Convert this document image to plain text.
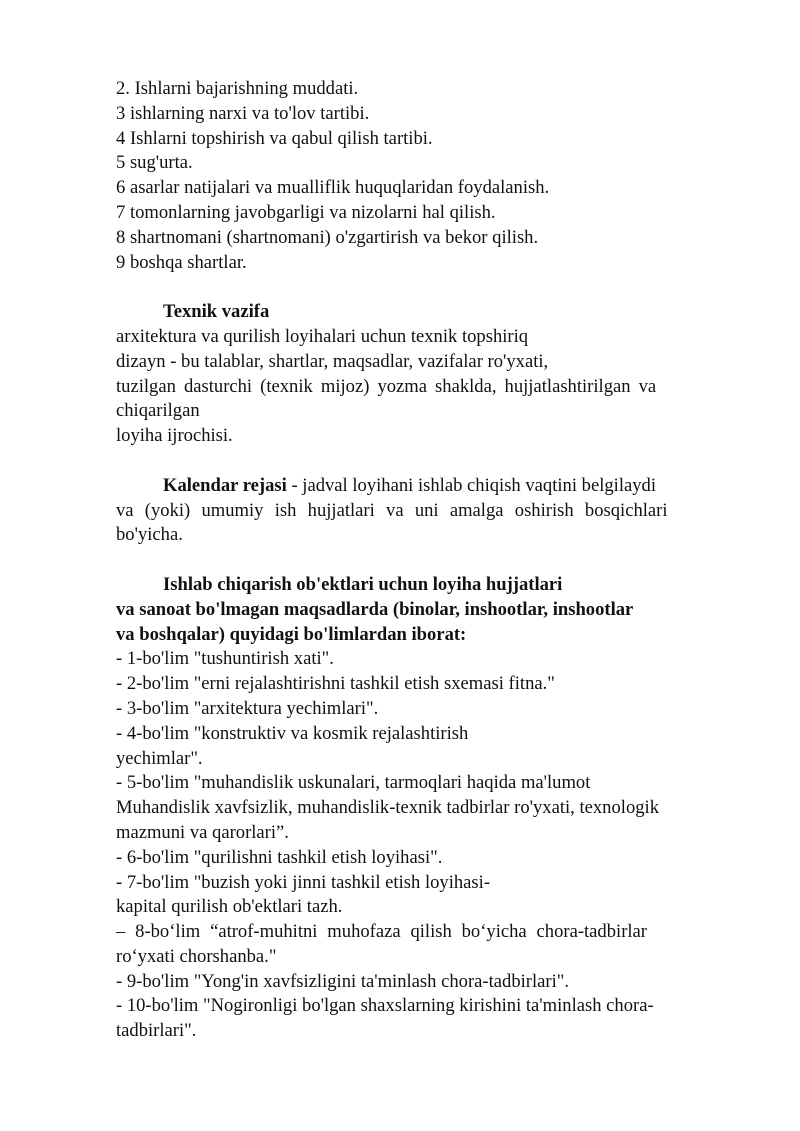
2. Ishlarni bajarishning muddati.
3 ishlarning narxi va to'lov tartibi.
4 Ishlarni topshirish va qabul qilish tartibi.
5 sug'urta.
6 asarlar natijalari va mualliflik huquqlaridan foydalanish.
7 tomonlarning javobgarligi va nizolarni hal qilish.
8 shartnomani (shartnomani) o'zgartirish va bekor qilish.
9 boshqa shartlar.
Texnik vazifa
arxitektura va qurilish loyihalari uchun texnik topshiriq
dizayn - bu talablar, shartlar, maqsadlar, vazifalar ro'yxati,
tuzilgan dasturchi (texnik mijoz) yozma shaklda, hujjatlashtirilgan va
chiqarilgan
loyiha ijrochisi.
Kalendar rejasi - jadval loyihani ishlab chiqish vaqtini belgilaydi
va (yoki) umumiy ish hujjatlari va uni amalga oshirish bosqichlari
bo'yicha.
Ishlab chiqarish ob'ektlari uchun loyiha hujjatlari
va sanoat bo'lmagan maqsadlarda (binolar, inshootlar, inshootlar
va boshqalar) quyidagi bo'limlardan iborat:
- 1-bo'lim "tushuntirish xati".
- 2-bo'lim "erni rejalashtirishni tashkil etish sxemasi fitna."
- 3-bo'lim "arxitektura yechimlari".
- 4-bo'lim "konstruktiv va kosmik rejalashtirish
yechimlar".
- 5-bo'lim "muhandislik uskunalari, tarmoqlari haqida ma'lumot
Muhandislik xavfsizlik, muhandislik-texnik tadbirlar ro'yxati, texnologik
mazmuni va qarorlari”.
- 6-bo'lim "qurilishni tashkil etish loyihasi".
- 7-bo'lim "buzish yoki jinni tashkil etish loyihasi-
kapital qurilish ob'ektlari tazh.
– 8-boʻlim “atrof-muhitni muhofaza qilish boʻyicha chora-tadbirlar
roʻyxati chorshanba."
- 9-bo'lim "Yong'in xavfsizligini ta'minlash chora-tadbirlari".
- 10-bo'lim "Nogironligi bo'lgan shaxslarning kirishini ta'minlash chora-
tadbirlari".
